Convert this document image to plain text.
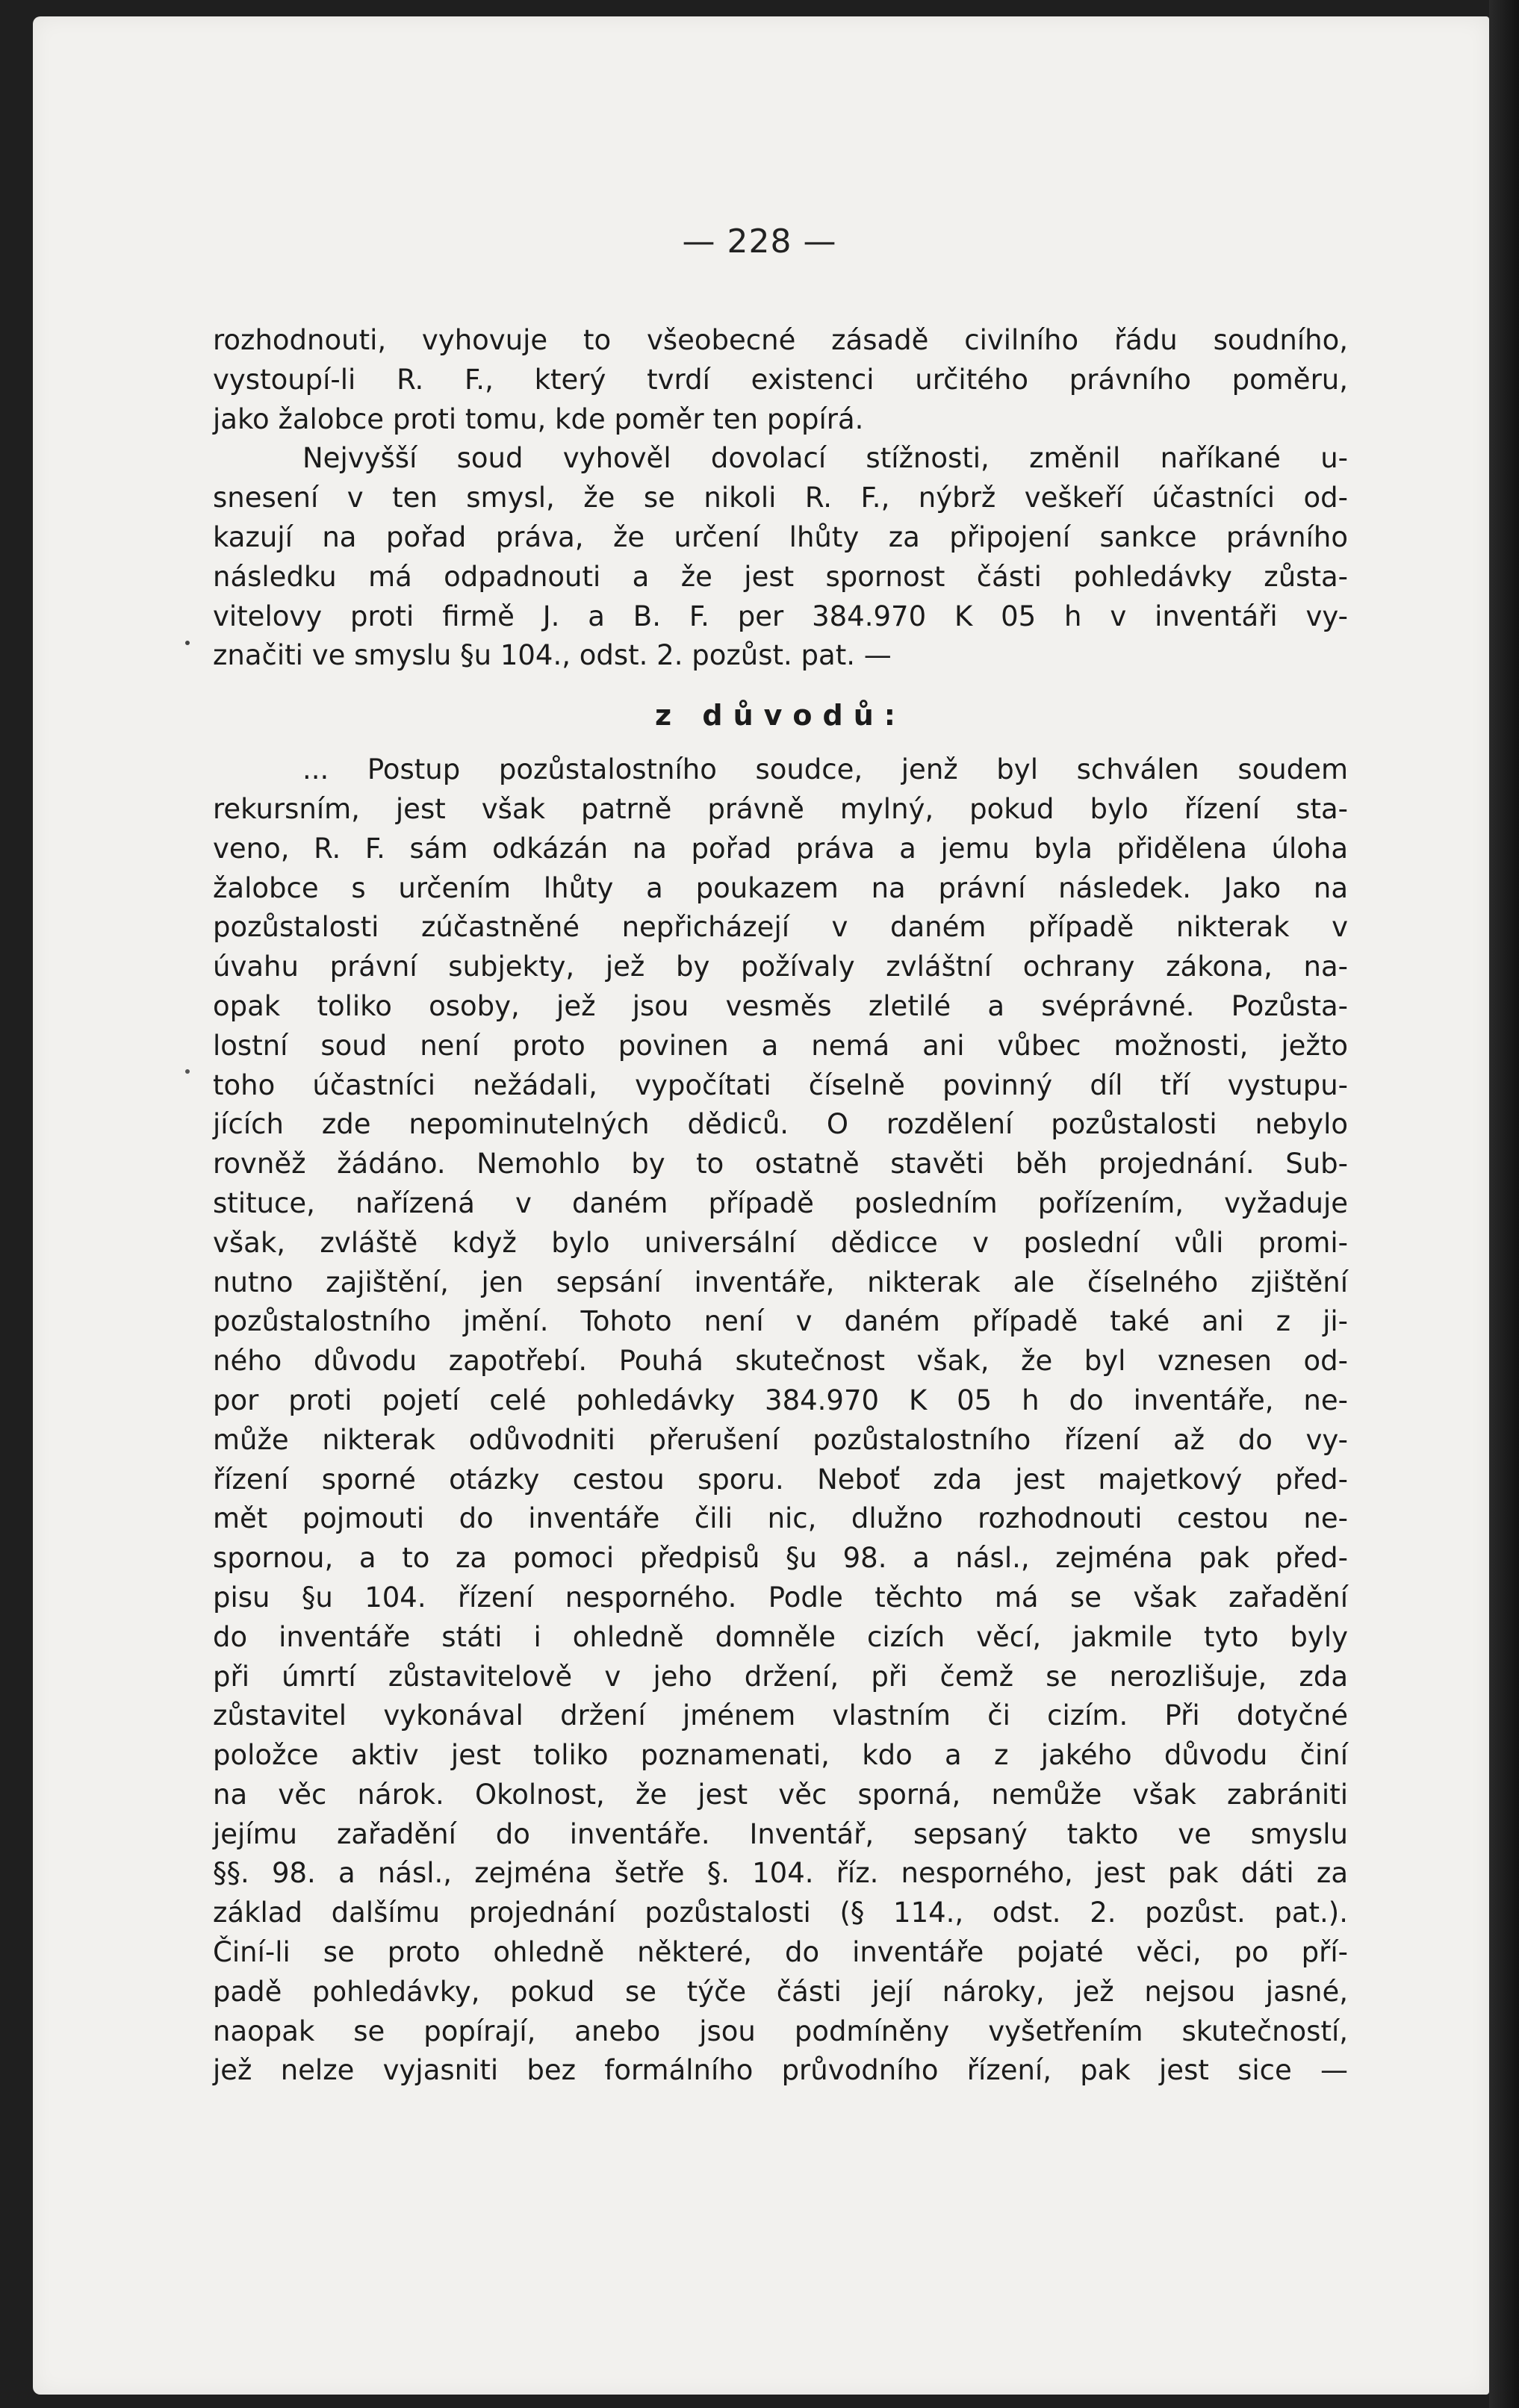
— 228 —
rozhodnouti, vyhovuje to všeobecné zásadě civilního řádu soudního,
vystoupí-li R. F., který tvrdí existenci určitého právního poměru,
jako žalobce proti tomu, kde poměr ten popírá.
Nejvyšší soud vyhověl dovolací stížnosti, změnil naříkané u-
snesení v ten smysl, že se nikoli R. F., nýbrž veškeří účastníci od-
kazují na pořad práva, že určení lhůty za připojení sankce právního
následku má odpadnouti a že jest spornost části pohledávky zůsta-
vitelovy proti firmě J. a B. F. per 384.970 K 05 h v inventáři vy-
značiti ve smyslu §u 104., odst. 2. pozůst. pat. —
z důvodů:
... Postup pozůstalostního soudce, jenž byl schválen soudem
rekursním, jest však patrně právně mylný, pokud bylo řízení sta-
veno, R. F. sám odkázán na pořad práva a jemu byla přidělena úloha
žalobce s určením lhůty a poukazem na právní následek. Jako na
pozůstalosti zúčastněné nepřicházejí v daném případě nikterak v
úvahu právní subjekty, jež by požívaly zvláštní ochrany zákona, na-
opak toliko osoby, jež jsou vesměs zletilé a svéprávné. Pozůsta-
lostní soud není proto povinen a nemá ani vůbec možnosti, ježto
toho účastníci nežádali, vypočítati číselně povinný díl tří vystupu-
jících zde nepominutelných dědiců. O rozdělení pozůstalosti nebylo
rovněž žádáno. Nemohlo by to ostatně stavěti běh projednání. Sub-
stituce, nařízená v daném případě posledním pořízením, vyžaduje
však, zvláště když bylo universální dědicce v poslední vůli promi-
nutno zajištění, jen sepsání inventáře, nikterak ale číselného zjištění
pozůstalostního jmění. Tohoto není v daném případě také ani z ji-
ného důvodu zapotřebí. Pouhá skutečnost však, že byl vznesen od-
por proti pojetí celé pohledávky 384.970 K 05 h do inventáře, ne-
může nikterak odůvodniti přerušení pozůstalostního řízení až do vy-
řízení sporné otázky cestou sporu. Neboť zda jest majetkový před-
mět pojmouti do inventáře čili nic, dlužno rozhodnouti cestou ne-
spornou, a to za pomoci předpisů §u 98. a násl., zejména pak před-
pisu §u 104. řízení nesporného. Podle těchto má se však zařadění
do inventáře státi i ohledně domněle cizích věcí, jakmile tyto byly
při úmrtí zůstavitelově v jeho držení, při čemž se nerozlišuje, zda
zůstavitel vykonával držení jménem vlastním či cizím. Při dotyčné
položce aktiv jest toliko poznamenati, kdo a z jakého důvodu činí
na věc nárok. Okolnost, že jest věc sporná, nemůže však zabrániti
jejímu zařadění do inventáře. Inventář, sepsaný takto ve smyslu
§§. 98. a násl., zejména šetře §. 104. říz. nesporného, jest pak dáti za
základ dalšímu projednání pozůstalosti (§ 114., odst. 2. pozůst. pat.).
Činí-li se proto ohledně některé, do inventáře pojaté věci, po pří-
padě pohledávky, pokud se týče části její nároky, jež nejsou jasné,
naopak se popírají, anebo jsou podmíněny vyšetřením skutečností,
jež nelze vyjasniti bez formálního průvodního řízení, pak jest sice —
